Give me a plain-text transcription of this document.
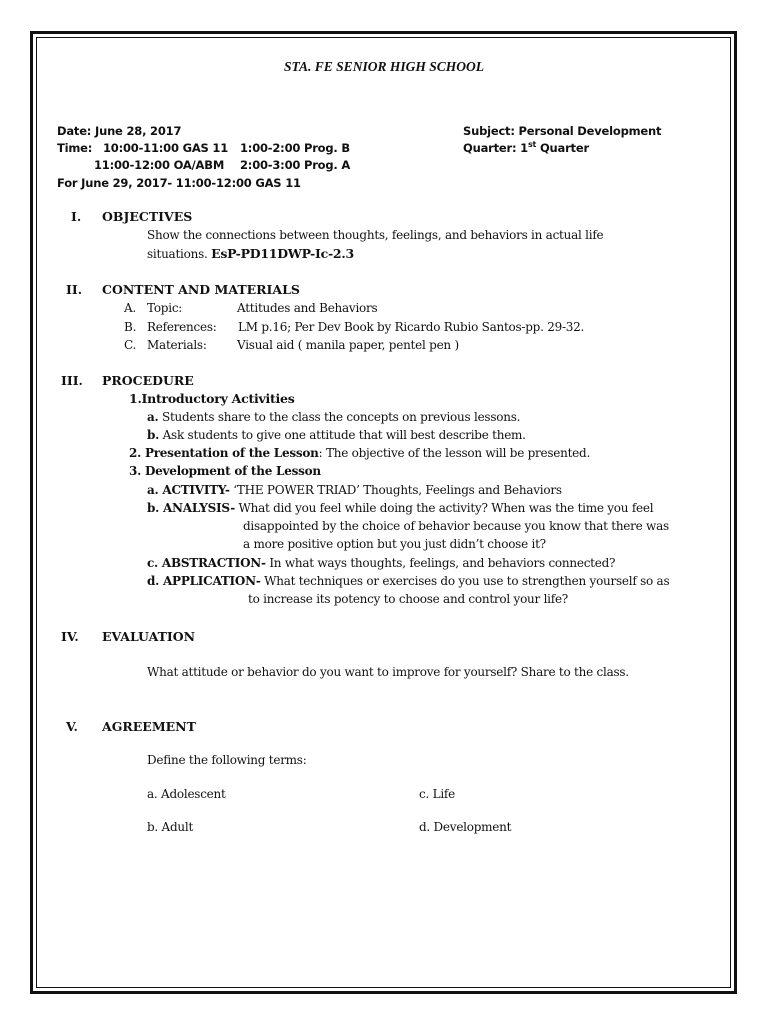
STA. FE SENIOR HIGH SCHOOL
Date: June 28, 2017
Time: 10:00-11:00 GAS 11 1:00-2:00 Prog. B
11:00-12:00 OA/ABM 2:00-3:00 Prog. A
For June 29, 2017- 11:00-12:00 GAS 11
Subject: Personal Development
Quarter: 1st Quarter
I. OBJECTIVES
Show the connections between thoughts, feelings, and behaviors in actual life
situations. EsP-PD11DWP-Ic-2.3
II. CONTENT AND MATERIALS
A. Topic:	Attitudes and Behaviors
B. References: LM p.16; Per Dev Book by Ricardo Rubio Santos-pp. 29-32.
C. Materials:	Visual aid ( manila paper, pentel pen )
III. PROCEDURE
1.Introductory Activities
a. Students share to the class the concepts on previous lessons.
b. Ask students to give one attitude that will best describe them.
2. Presentation of the Lesson: The objective of the lesson will be presented.
3. Development of the Lesson
a. ACTIVITY- ‘THE POWER TRIAD’ Thoughts, Feelings and Behaviors
b. ANALYSIS- What did you feel while doing the activity? When was the time you feel
disappointed by the choice of behavior because you know that there was
a more positive option but you just didn’t choose it?
c. ABSTRACTION- In what ways thoughts, feelings, and behaviors connected?
d. APPLICATION- What techniques or exercises do you use to strengthen yourself so as
to increase its potency to choose and control your life?
IV. EVALUATION
What attitude or behavior do you want to improve for yourself? Share to the class.
V. AGREEMENT
Define the following terms:
a. Adolescent	c. Life
b. Adult	d. Development
